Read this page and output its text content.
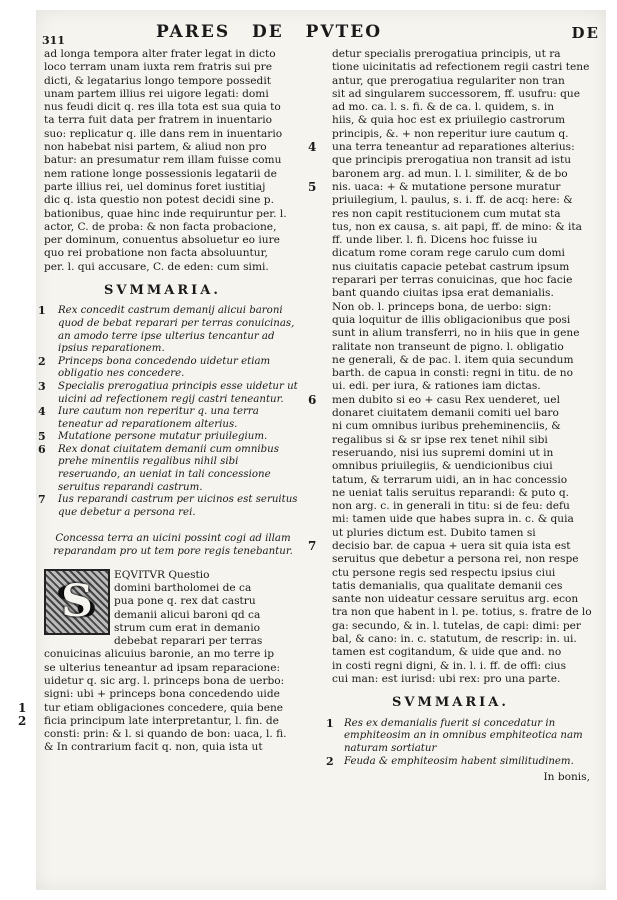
311	PARES DE PVTEO	DE
ad longa tempora alter frater legat in dicto
loco terram unam iuxta rem fratris sui pre
dicti, & legatarius longo tempore possedit
unam partem illius rei uigore legati: domi
nus feudi dicit q. res illa tota est sua quia to
ta terra fuit data per fratrem in inuentario
suo: replicatur q. ille dans rem in inuentario
non habebat nisi partem, & aliud non pro
batur: an presumatur rem illam fuisse comu
nem ratione longe possessionis legatarii de
parte illius rei, uel dominus foret iustitiaj
dic q. ista questio non potest decidi sine p.
bationibus, quae hinc inde requiruntur per. l.
actor, C. de proba: & non facta probacione,
per dominum, conuentus absoluetur eo iure
quo rei probatione non facta absoluuntur,
per. l. qui accusare, C. de eden: cum simi.
SVMMARIA.
1 Rex concedit castrum demanij alicui baroni quod de bebat reparari per terras conuicinas, an amodo terre ipse ulterius tencantur ad ipsius reparationem.
2 Princeps bona concedendo uidetur etiam obligatio nes concedere.
3 Specialis prerogatiua principis esse uidetur ut uicini ad refectionem regij castri teneantur.
4 Iure cautum non reperitur q. una terra teneatur ad reparationem alterius.
5 Mutatione persone mutatur priuilegium.
6 Rex donat ciuitatem demanii cum omnibus prehe minentiis regalibus nihil sibi reseruando, an ueniat in tali concessione seruitus reparandi castrum.
7 Ius reparandi castrum per uicinos est seruitus que debetur a persona rei.
Concessa terra an uicini possint cogi ad illam reparandam pro ut tem pore regis tenebantur.
S
EQVITVR Questio
domini bartholomei de ca
pua pone q. rex dat castru
demanii alicui baroni qd ca
strum cum erat in demanio
debebat reparari per terras
conuicinas alicuius baronie, an mo terre ip
se ulterius teneantur ad ipsam reparacione:
uidetur q. sic arg. l. princeps bona de uerbo:
signi: ubi + princeps bona concedendo uide
tur etiam obligaciones concedere, quia bene
1
ficia principum late interpretantur, l. fin. de
2
consti: prin: & l. si quando de bon: uaca, l. fi.
& In contrarium facit q. non, quia ista ut
detur specialis prerogatiua principis, ut ra
tione uicinitatis ad refectionem regii castri tene
antur, que prerogatiua regulariter non tran
sit ad singularem successorem, ff. usufru: que
ad mo. ca. l. s. fi. & de ca. l. quidem, s. in
hiis, & quia hoc est ex priuilegio castrorum
principis, &. + non reperitur iure cautum q.
una terra teneantur ad reparationes alterius:
4
que principis prerogatiua non transit ad istu
baronem arg. ad mun. l. l. similiter, & de bo
nis. uaca: + & mutatione persone muratur
5
priuilegium, l. paulus, s. i. ff. de acq: here: &
res non capit restitucionem cum mutat sta
tus, non ex causa, s. ait papi, ff. de mino: & ita
ff. unde liber. l. fi. Dicens hoc fuisse iu
dicatum rome coram rege carulo cum domi
nus ciuitatis capacie petebat castrum ipsum
reparari per terras conuicinas, que hoc facie
bant quando ciuitas ipsa erat demanialis.
Non ob. l. princeps bona, de uerbo: sign:
quia loquitur de illis obligacionibus que posi
sunt in alium transferri, no in hiis que in gene
ralitate non transeunt de pigno. l. obligatio
ne generali, & de pac. l. item quia secundum
barth. de capua in consti: regni in titu. de no
ui. edi. per iura, & rationes iam dictas.
men dubito si eo + casu Rex uenderet, uel
6
donaret ciuitatem demanii comiti uel baro
ni cum omnibus iuribus preheminenciis, &
regalibus si & sr ipse rex tenet nihil sibi
reseruando, nisi ius supremi domini ut in
omnibus priuilegiis, & uendicionibus ciui
tatum, & terrarum uidi, an in hac concessio
ne ueniat talis seruitus reparandi: & puto q.
non arg. c. in generali in titu: si de feu: defu
mi: tamen uide que habes supra in. c. & quia
ut pluries dictum est. Dubito tamen si
decisio bar. de capua + uera sit quia ista est
7
seruitus que debetur a persona rei, non respe
ctu persone regis sed respectu ipsius ciui
tatis demanialis, qua qualitate demanii ces
sante non uideatur cessare seruitus arg. econ
tra non que habent in l. pe. totius, s. fratre de lo
ga: secundo, & in. l. tutelas, de capi: dimi: per
bal, & cano: in. c. statutum, de rescrip: in. ui.
tamen est cogitandum, & uide que and. no
in costi regni digni, & in. l. i. ff. de offi: cius
cui man: est iurisd: ubi rex: pro una parte.
SVMMARIA.
1 Res ex demanialis fuerit si concedatur in emphiteosim an in omnibus emphiteotica nam naturam sortiatur
2 Feuda & emphiteosim habent similitudinem.
In bonis,
